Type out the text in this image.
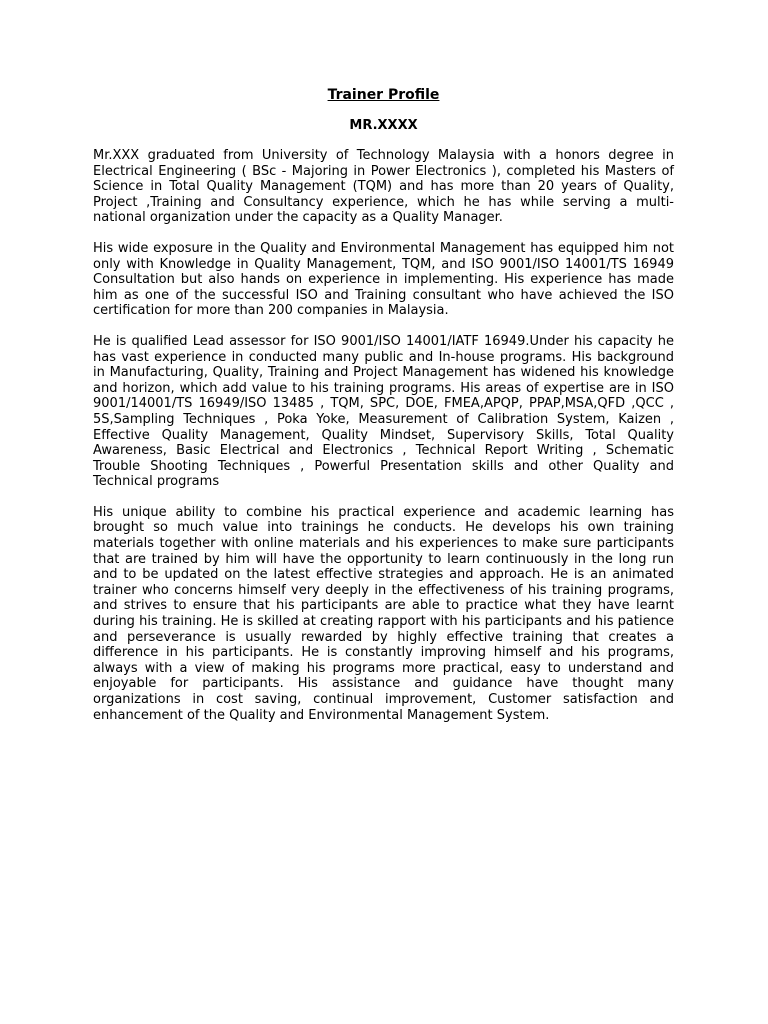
Trainer Profile
MR.XXXX

Mr.XXX graduated from University of Technology Malaysia with a honors degree in Electrical Engineering ( BSc - Majoring in Power Electronics ), completed his Masters of Science in Total Quality Management (TQM) and has more than 20 years of Quality, Project ,Training and Consultancy experience, which he has while serving a multi-national organization under the capacity as a Quality Manager.

His wide exposure in the Quality and Environmental Management has equipped him not only with Knowledge in Quality Management, TQM, and ISO 9001/ISO 14001/TS 16949 Consultation but also hands on experience in implementing. His experience has made him as one of the successful ISO and Training consultant who have achieved the ISO certification for more than 200 companies in Malaysia.

He is qualified Lead assessor for ISO 9001/ISO 14001/IATF 16949.Under his capacity he has vast experience in conducted many public and In-house programs. His background in Manufacturing, Quality, Training and Project Management has widened his knowledge and horizon, which add value to his training programs. His areas of expertise are in ISO 9001/14001/TS 16949/ISO 13485 , TQM, SPC, DOE, FMEA,APQP, PPAP,MSA,QFD ,QCC , 5S,Sampling Techniques , Poka Yoke, Measurement of Calibration System, Kaizen , Effective Quality Management, Quality Mindset, Supervisory Skills, Total Quality Awareness, Basic Electrical and Electronics , Technical Report Writing , Schematic Trouble Shooting Techniques , Powerful Presentation skills and other Quality and Technical programs

His unique ability to combine his practical experience and academic learning has brought so much value into trainings he conducts. He develops his own training materials together with online materials and his experiences to make sure participants that are trained by him will have the opportunity to learn continuously in the long run and to be updated on the latest effective strategies and approach. He is an animated trainer who concerns himself very deeply in the effectiveness of his training programs, and strives to ensure that his participants are able to practice what they have learnt during his training. He is skilled at creating rapport with his participants and his patience and perseverance is usually rewarded by highly effective training that creates a difference in his participants. He is constantly improving himself and his programs, always with a view of making his programs more practical, easy to understand and enjoyable for participants. His assistance and guidance have thought many organizations in cost saving, continual improvement, Customer satisfaction and enhancement of the Quality and Environmental Management System.
